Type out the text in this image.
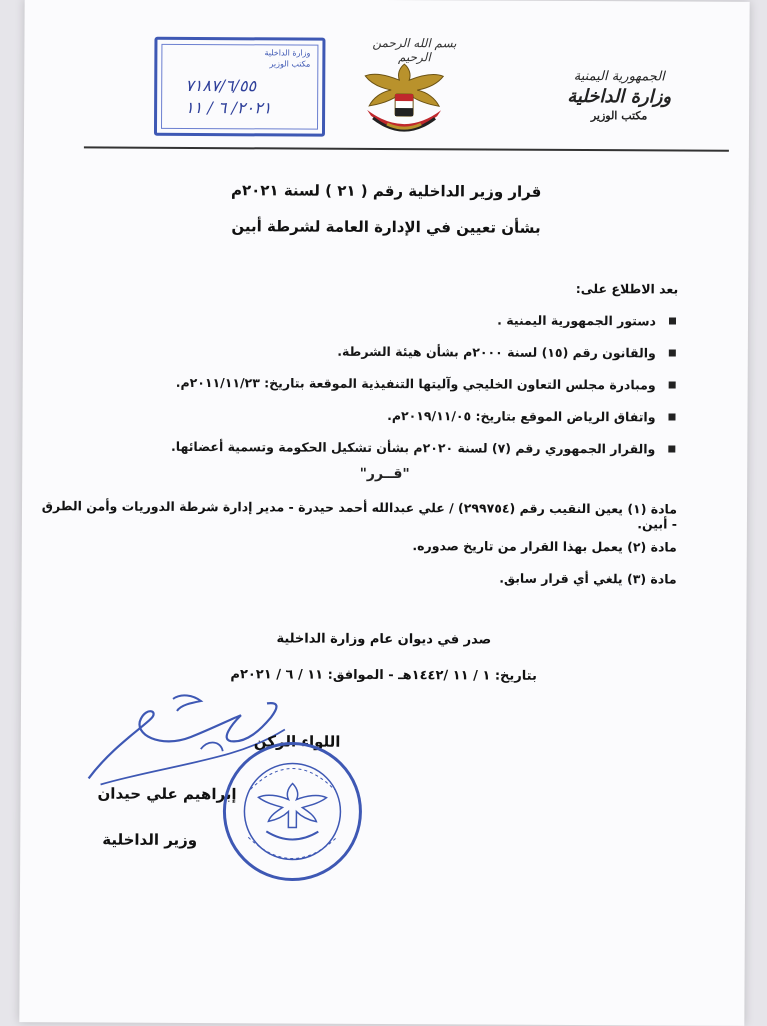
الجمهورية اليمنية
وزارة الداخلية
مكتب الوزير
بسم الله الرحمن الرحيم
وزارة الداخلية
مكتب الوزير
٧١٨٧/٦/٥٥
٢٠٢١/ ٦ / ١١
قرار وزير الداخلية رقم ( ٢١ ) لسنة ٢٠٢١م
بشأن تعيين في الإدارة العامة لشرطة أبين
بعد الاطلاع على:
دستور الجمهورية اليمنية .
والقانون رقم (١٥) لسنة ٢٠٠٠م بشأن هيئة الشرطة.
ومبادرة مجلس التعاون الخليجي وآليتها التنفيذية الموقعة بتاريخ: ٢٠١١/١١/٢٣م.
واتفاق الرياض الموقع بتاريخ: ٢٠١٩/١١/٠٥م.
والقرار الجمهوري رقم (٧) لسنة ٢٠٢٠م بشأن تشكيل الحكومة وتسمية أعضائها.
"قــرر"
مادة (١) يعين النقيب رقم (٢٩٩٧٥٤) / علي عبدالله أحمد حيدرة - مدير إدارة شرطة الدوريات وأمن الطرق - أبين.
مادة (٢) يعمل بهذا القرار من تاريخ صدوره.
مادة (٣) يلغي أي قرار سابق.
صدر في ديوان عام وزارة الداخلية
بتاريخ: ١ / ١١ /١٤٤٢هـ - الموافق: ١١ / ٦ / ٢٠٢١م
اللواء الركن
إبراهيم علي حيدان
وزير الداخلية
